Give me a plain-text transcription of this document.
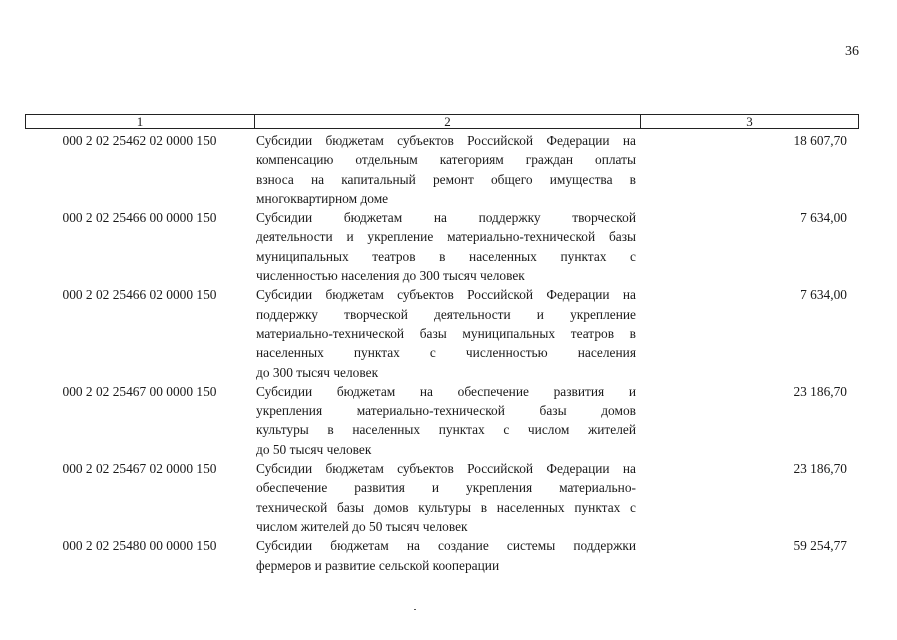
36
1	2	3
000 2 02 25462 02 0000 150	Субсидии бюджетам субъектов Российской Федерации на
компенсацию отдельным категориям граждан оплаты
взноса на капитальный ремонт общего имущества в
многоквартирном доме
18 607,70
000 2 02 25466 00 0000 150	Субсидии бюджетам на поддержку творческой
деятельности и укрепление материально-технической базы
муниципальных театров в населенных пунктах с
численностью населения до 300 тысяч человек
7 634,00
000 2 02 25466 02 0000 150	Субсидии бюджетам субъектов Российской Федерации на
поддержку творческой деятельности и укрепление
материально-технической базы муниципальных театров в
населенных пунктах с численностью населения
до 300 тысяч человек
7 634,00
000 2 02 25467 00 0000 150	Субсидии бюджетам на обеспечение развития и
укрепления материально-технической базы домов
культуры в населенных пунктах с числом жителей
до 50 тысяч человек
23 186,70
000 2 02 25467 02 0000 150	Субсидии бюджетам субъектов Российской Федерации на
обеспечение развития и укрепления материально-
технической базы домов культуры в населенных пунктах с
числом жителей до 50 тысяч человек
23 186,70
000 2 02 25480 00 0000 150	Субсидии бюджетам на создание системы поддержки
фермеров и развитие сельской кооперации
59 254,77
